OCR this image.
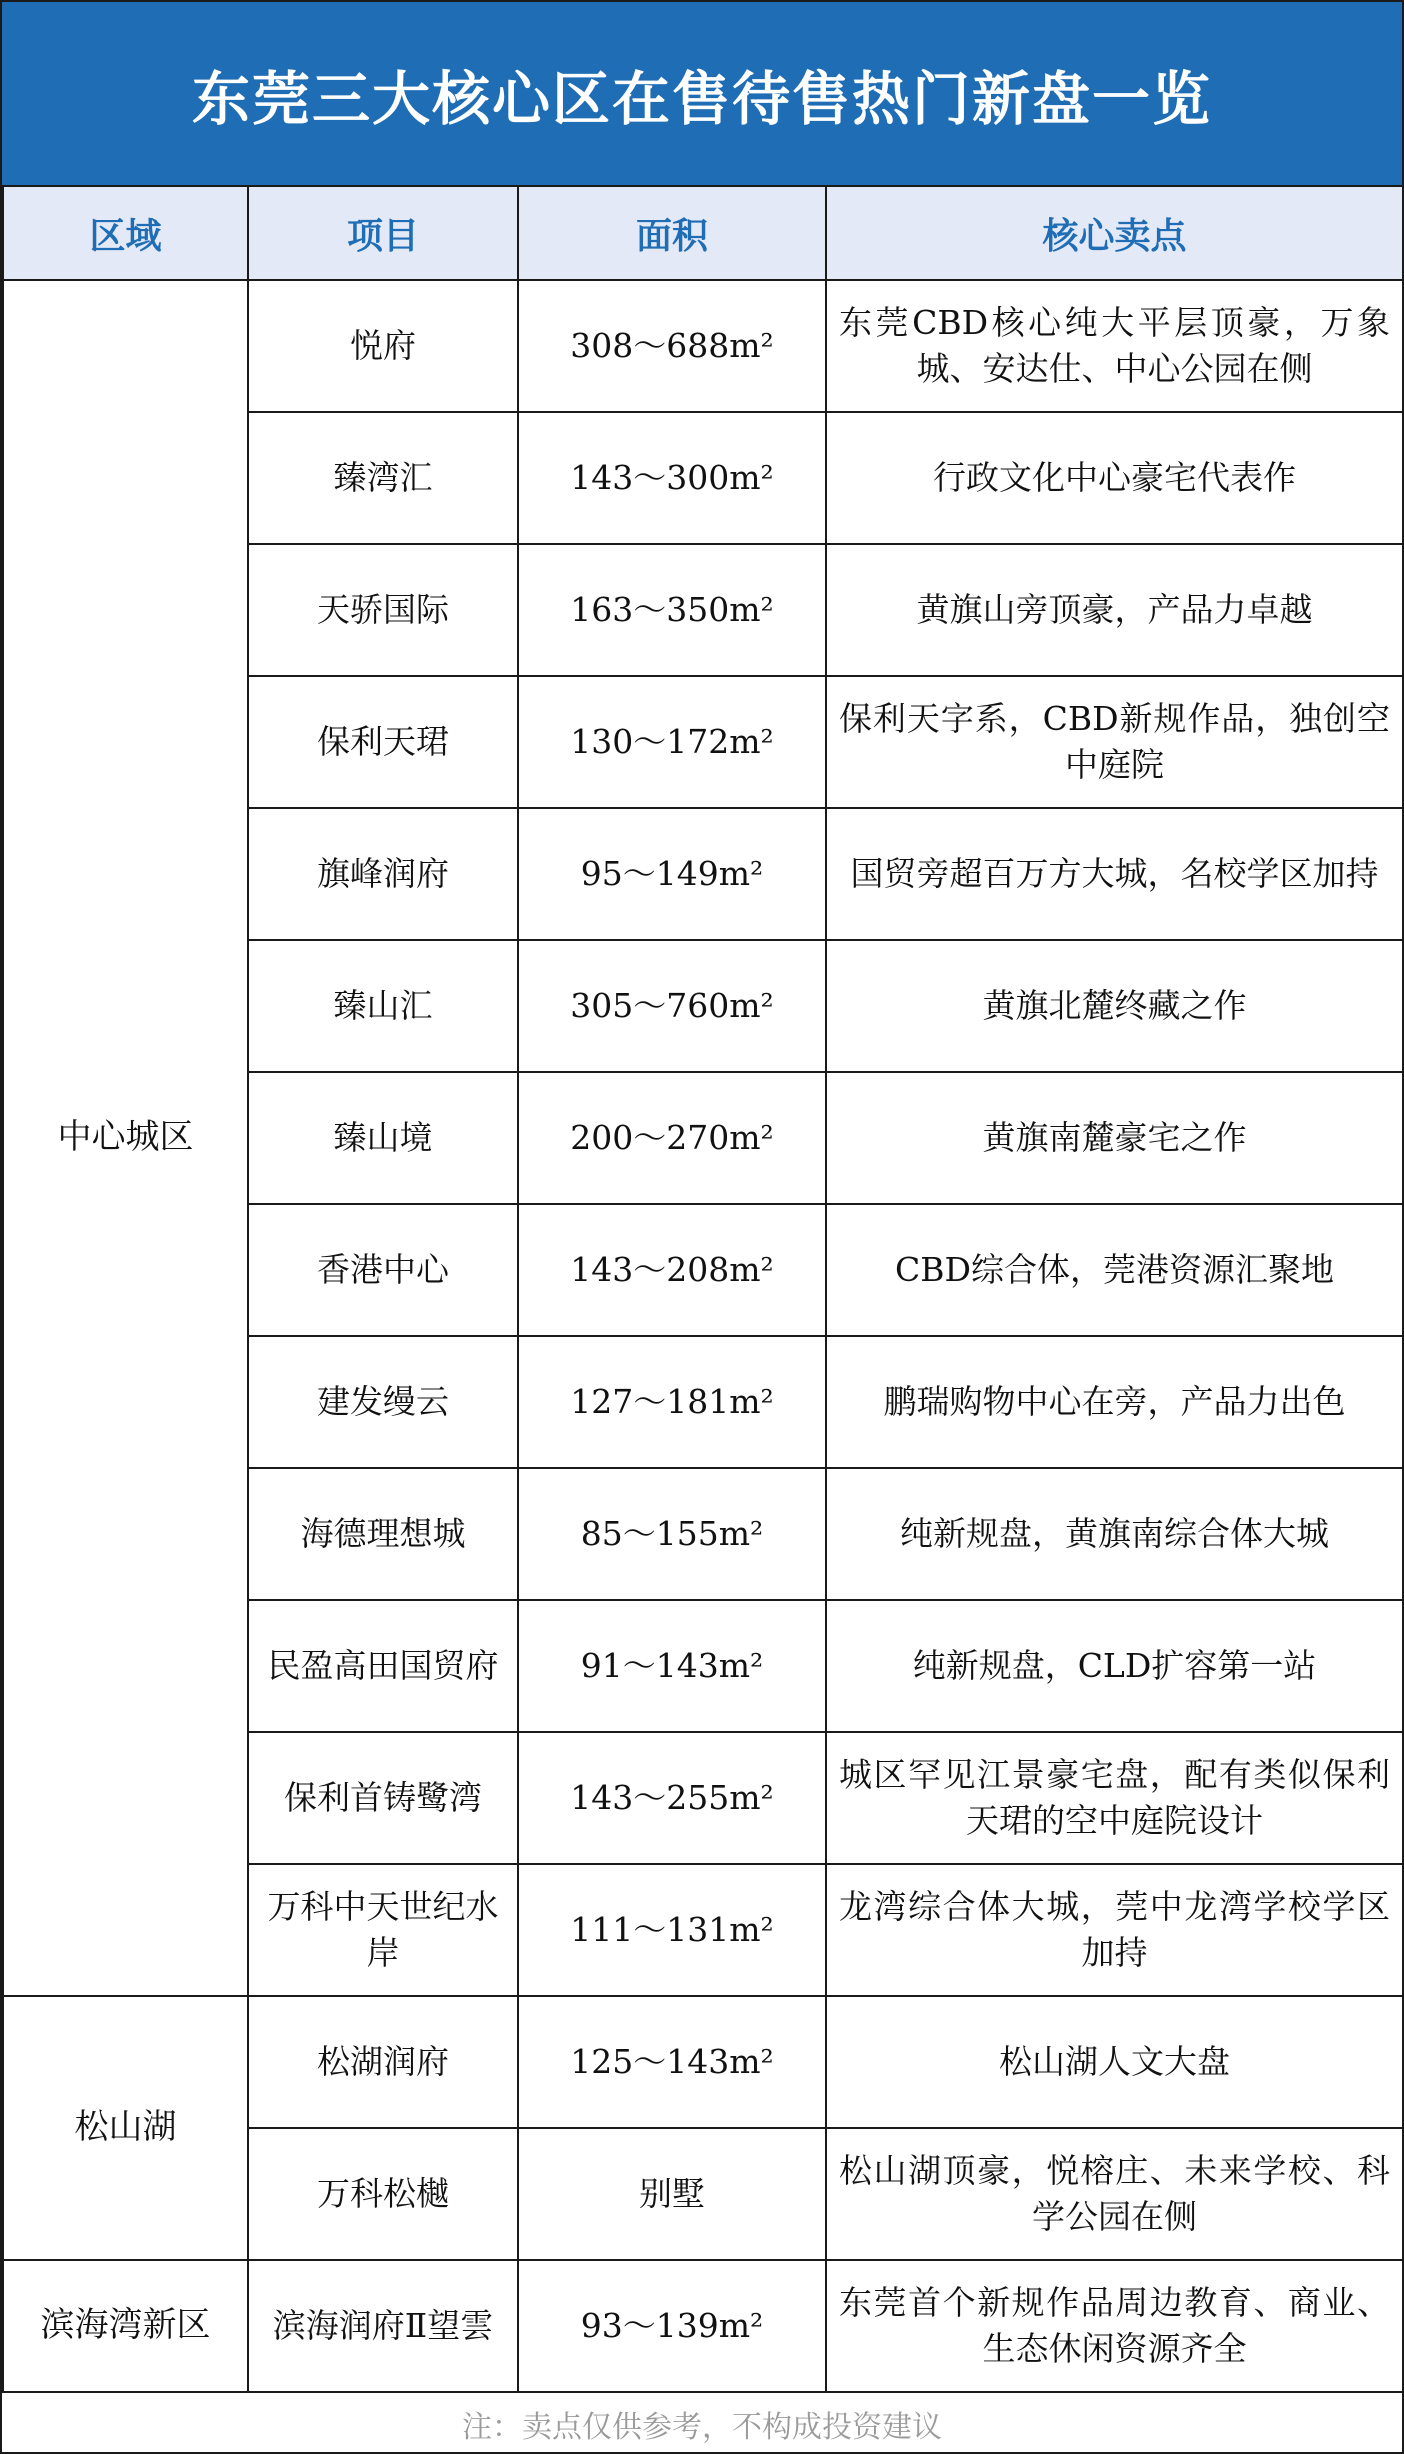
东莞三大核心区在售待售热门新盘一览
区域	项目	面积	核心卖点
中心城区	悦府	308～688m²	东莞CBD核心纯大平层顶豪，万象城、安达仕、中心公园在侧
	臻湾汇	143～300m²	行政文化中心豪宅代表作
	天骄国际	163～350m²	黄旗山旁顶豪，产品力卓越
	保利天珺	130～172m²	保利天字系，CBD新规作品，独创空中庭院
	旗峰润府	95～149m²	国贸旁超百万方大城，名校学区加持
	臻山汇	305～760m²	黄旗北麓终藏之作
	臻山境	200～270m²	黄旗南麓豪宅之作
	香港中心	143～208m²	CBD综合体，莞港资源汇聚地
	建发缦云	127～181m²	鹏瑞购物中心在旁，产品力出色
	海德理想城	85～155m²	纯新规盘，黄旗南综合体大城
	民盈高田国贸府	91～143m²	纯新规盘，CLD扩容第一站
	保利首铸鹭湾	143～255m²	城区罕见江景豪宅盘，配有类似保利天珺的空中庭院设计
	万科中天世纪水岸	111～131m²	龙湾综合体大城，莞中龙湾学校学区加持
松山湖	松湖润府	125～143m²	松山湖人文大盘
	万科松樾	别墅	松山湖顶豪，悦榕庄、未来学校、科学公园在侧
滨海湾新区	滨海润府Ⅱ望雲	93～139m²	东莞首个新规作品周边教育、商业、生态休闲资源齐全
注：卖点仅供参考，不构成投资建议
